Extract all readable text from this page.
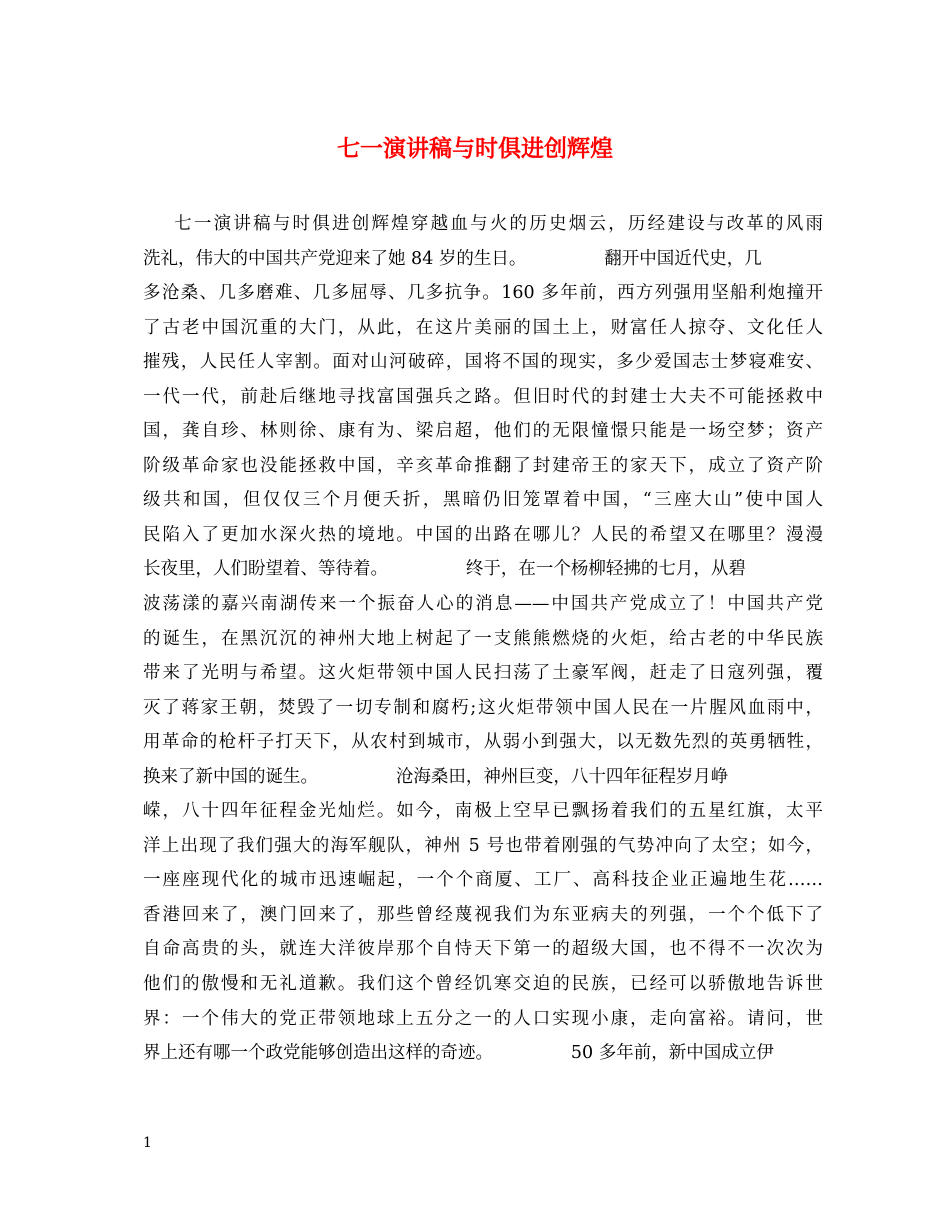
七一演讲稿与时俱进创辉煌
七一演讲稿与时俱进创辉煌穿越血与火的历史烟云，历经建设与改革的风雨
洗礼，伟大的中国共产党迎来了她 84 岁的生日。              翻开中国近代史，几
多沧桑、几多磨难、几多屈辱、几多抗争。160 多年前，西方列强用坚船利炮撞开
了古老中国沉重的大门，从此，在这片美丽的国土上，财富任人掠夺、文化任人
摧残，人民任人宰割。面对山河破碎，国将不国的现实，多少爱国志士梦寝难安、
一代一代，前赴后继地寻找富国强兵之路。但旧时代的封建士大夫不可能拯救中
国，龚自珍、林则徐、康有为、梁启超，他们的无限憧憬只能是一场空梦；资产
阶级革命家也没能拯救中国，辛亥革命推翻了封建帝王的家天下，成立了资产阶
级共和国，但仅仅三个月便夭折，黑暗仍旧笼罩着中国，“三座大山”使中国人
民陷入了更加水深火热的境地。中国的出路在哪儿？人民的希望又在哪里？漫漫
长夜里，人们盼望着、等待着。              终于，在一个杨柳轻拂的七月，从碧
波荡漾的嘉兴南湖传来一个振奋人心的消息——中国共产党成立了！中国共产党
的诞生，在黑沉沉的神州大地上树起了一支熊熊燃烧的火炬，给古老的中华民族
带来了光明与希望。这火炬带领中国人民扫荡了土豪军阀，赶走了日寇列强，覆
灭了蒋家王朝，焚毁了一切专制和腐朽;这火炬带领中国人民在一片腥风血雨中，
用革命的枪杆子打天下，从农村到城市，从弱小到强大，以无数先烈的英勇牺牲，
换来了新中国的诞生。              沧海桑田，神州巨变，八十四年征程岁月峥
嵘，八十四年征程金光灿烂。如今，南极上空早已飘扬着我们的五星红旗，太平
洋上出现了我们强大的海军舰队，神州 5 号也带着刚强的气势冲向了太空；如今，
一座座现代化的城市迅速崛起，一个个商厦、工厂、高科技企业正遍地生花……
香港回来了，澳门回来了，那些曾经蔑视我们为东亚病夫的列强，一个个低下了
自命高贵的头，就连大洋彼岸那个自恃天下第一的超级大国，也不得不一次次为
他们的傲慢和无礼道歉。我们这个曾经饥寒交迫的民族，已经可以骄傲地告诉世
界：一个伟大的党正带领地球上五分之一的人口实现小康，走向富裕。请问，世
界上还有哪一个政党能够创造出这样的奇迹。              50 多年前，新中国成立伊
1
